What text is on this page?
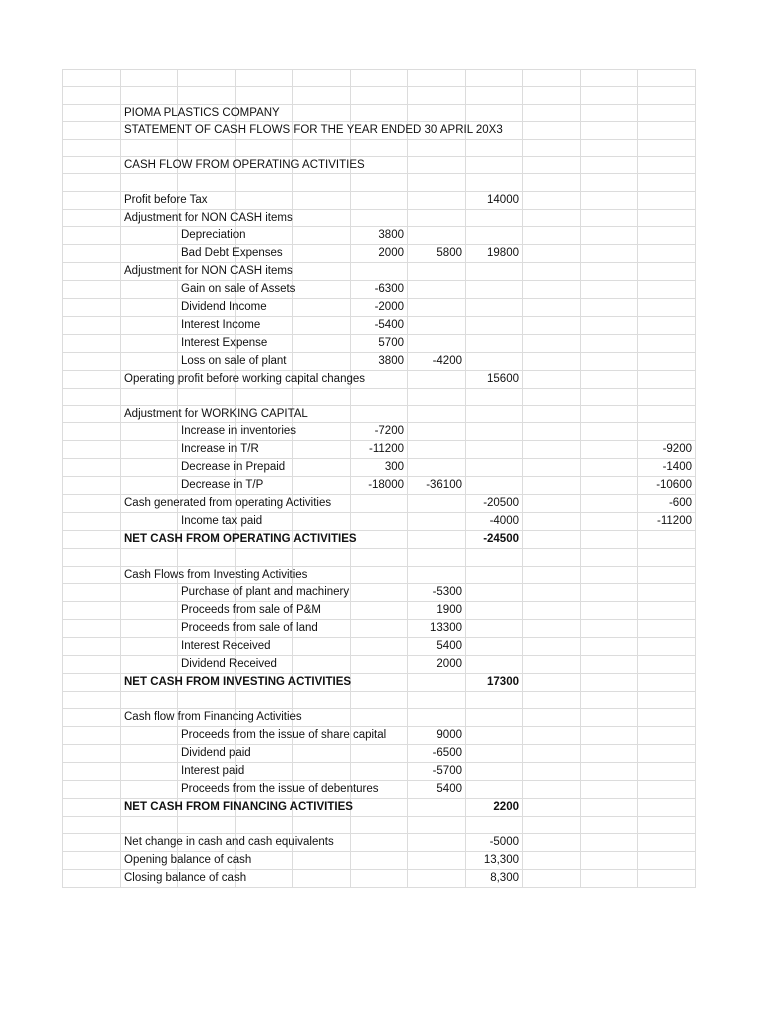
	PIOMA PLASTICS COMPANY									

	STATEMENT OF CASH FLOWS FOR THE YEAR ENDED 30 APRIL 20X3									

	CASH FLOW FROM OPERATING ACTIVITIES									

	Profit before Tax						14000			

	Adjustment for NON CASH items									

		Depreciation			3800					

		Bad Debt Expenses			2000	5800	19800			

	Adjustment for NON CASH items									

		Gain on sale of Assets			-6300					

		Dividend Income			-2000					

		Interest Income			-5400					

		Interest Expense			5700					

		Loss on sale of plant			3800	-4200				

	Operating profit before working capital changes						15600			

	Adjustment for WORKING CAPITAL									

		Increase in inventories			-7200					

		Increase in T/R			-11200					-9200

		Decrease in Prepaid			300					-1400

		Decrease in T/P			-18000	-36100				-10600

	Cash generated from operating Activities						-20500			-600

		Income tax paid					-4000			-11200

	NET CASH FROM OPERATING ACTIVITIES						-24500			

	Cash Flows from Investing Activities									

		Purchase of plant and machinery				-5300				

		Proceeds from sale of P&M				1900				

		Proceeds from sale of land				13300				

		Interest Received				5400				

		Dividend Received				2000				

	NET CASH FROM INVESTING ACTIVITIES						17300			

	Cash flow from Financing Activities									

		Proceeds from the issue of share capital				9000				

		Dividend paid				-6500				

		Interest paid				-5700				

		Proceeds from the issue of debentures				5400				

	NET CASH FROM FINANCING ACTIVITIES						2200			

	Net change in cash and cash equivalents						-5000			

	Opening balance of cash						13,300			

	Closing balance of cash						8,300			
